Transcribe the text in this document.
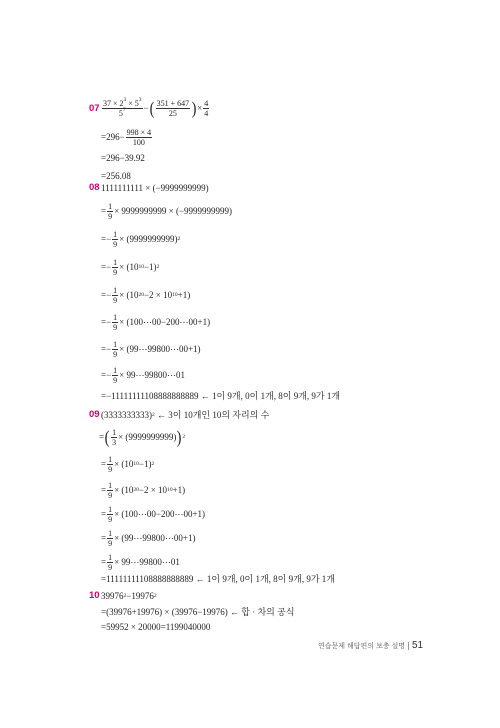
$07 \frac{37 \times 2^3 \times 5^3}{5^7}$ − ( $\frac{351 + 647}{25}$ ) × $\frac{4}{4}$
$=296- \frac{998 \times 4}{100}$
=296−39.92
=256.08
08 1111111111 × (−9999999999)
= $\frac{1}{9} \times 9999999999 \times (-9999999999)$
=− $\frac{1}{9} \times (9999999999)$ 2
=− $\frac{1}{9} \times (10$ 10 −1) 2
=− $\frac{1}{9} \times (10$ 20 −2 × 10 10 +1)
=− $\frac{1}{9}$ × (100⋯00−200⋯00+1)
=− $\frac{1}{9}$ × (99⋯99800⋯00+1)
=− $\frac{1}{9}$ × 99⋯99800⋯01
=−11111111108888888889
← 1이 9개, 0이 1개, 8이 9개, 9가 1개
09 (3333333333) 2
← 3이 10개인 10의 자리의 수
= ( $\frac{1}{3} \times (9999999999)$ ) 2
= $\frac{1}{9} \times (10$ 10 −1) 2
= $\frac{1}{9} \times (10$ 20 −2 × 10 10 +1)
= $\frac{1}{9}$ × (100⋯00−200⋯00+1)
= $\frac{1}{9}$ × (99⋯99800⋯00+1)
= $\frac{1}{9}$ × 99⋯99800⋯01
=11111111108888888889
← 1이 9개, 0이 1개, 8이 9개, 9가 1개
10 39976 2 −19976 2
=(39976+19976) × (39976−19976)
← 합 · 차의 공식
=59952 × 20000=1199040000
연습문제 해답편의 보충 설명 51
